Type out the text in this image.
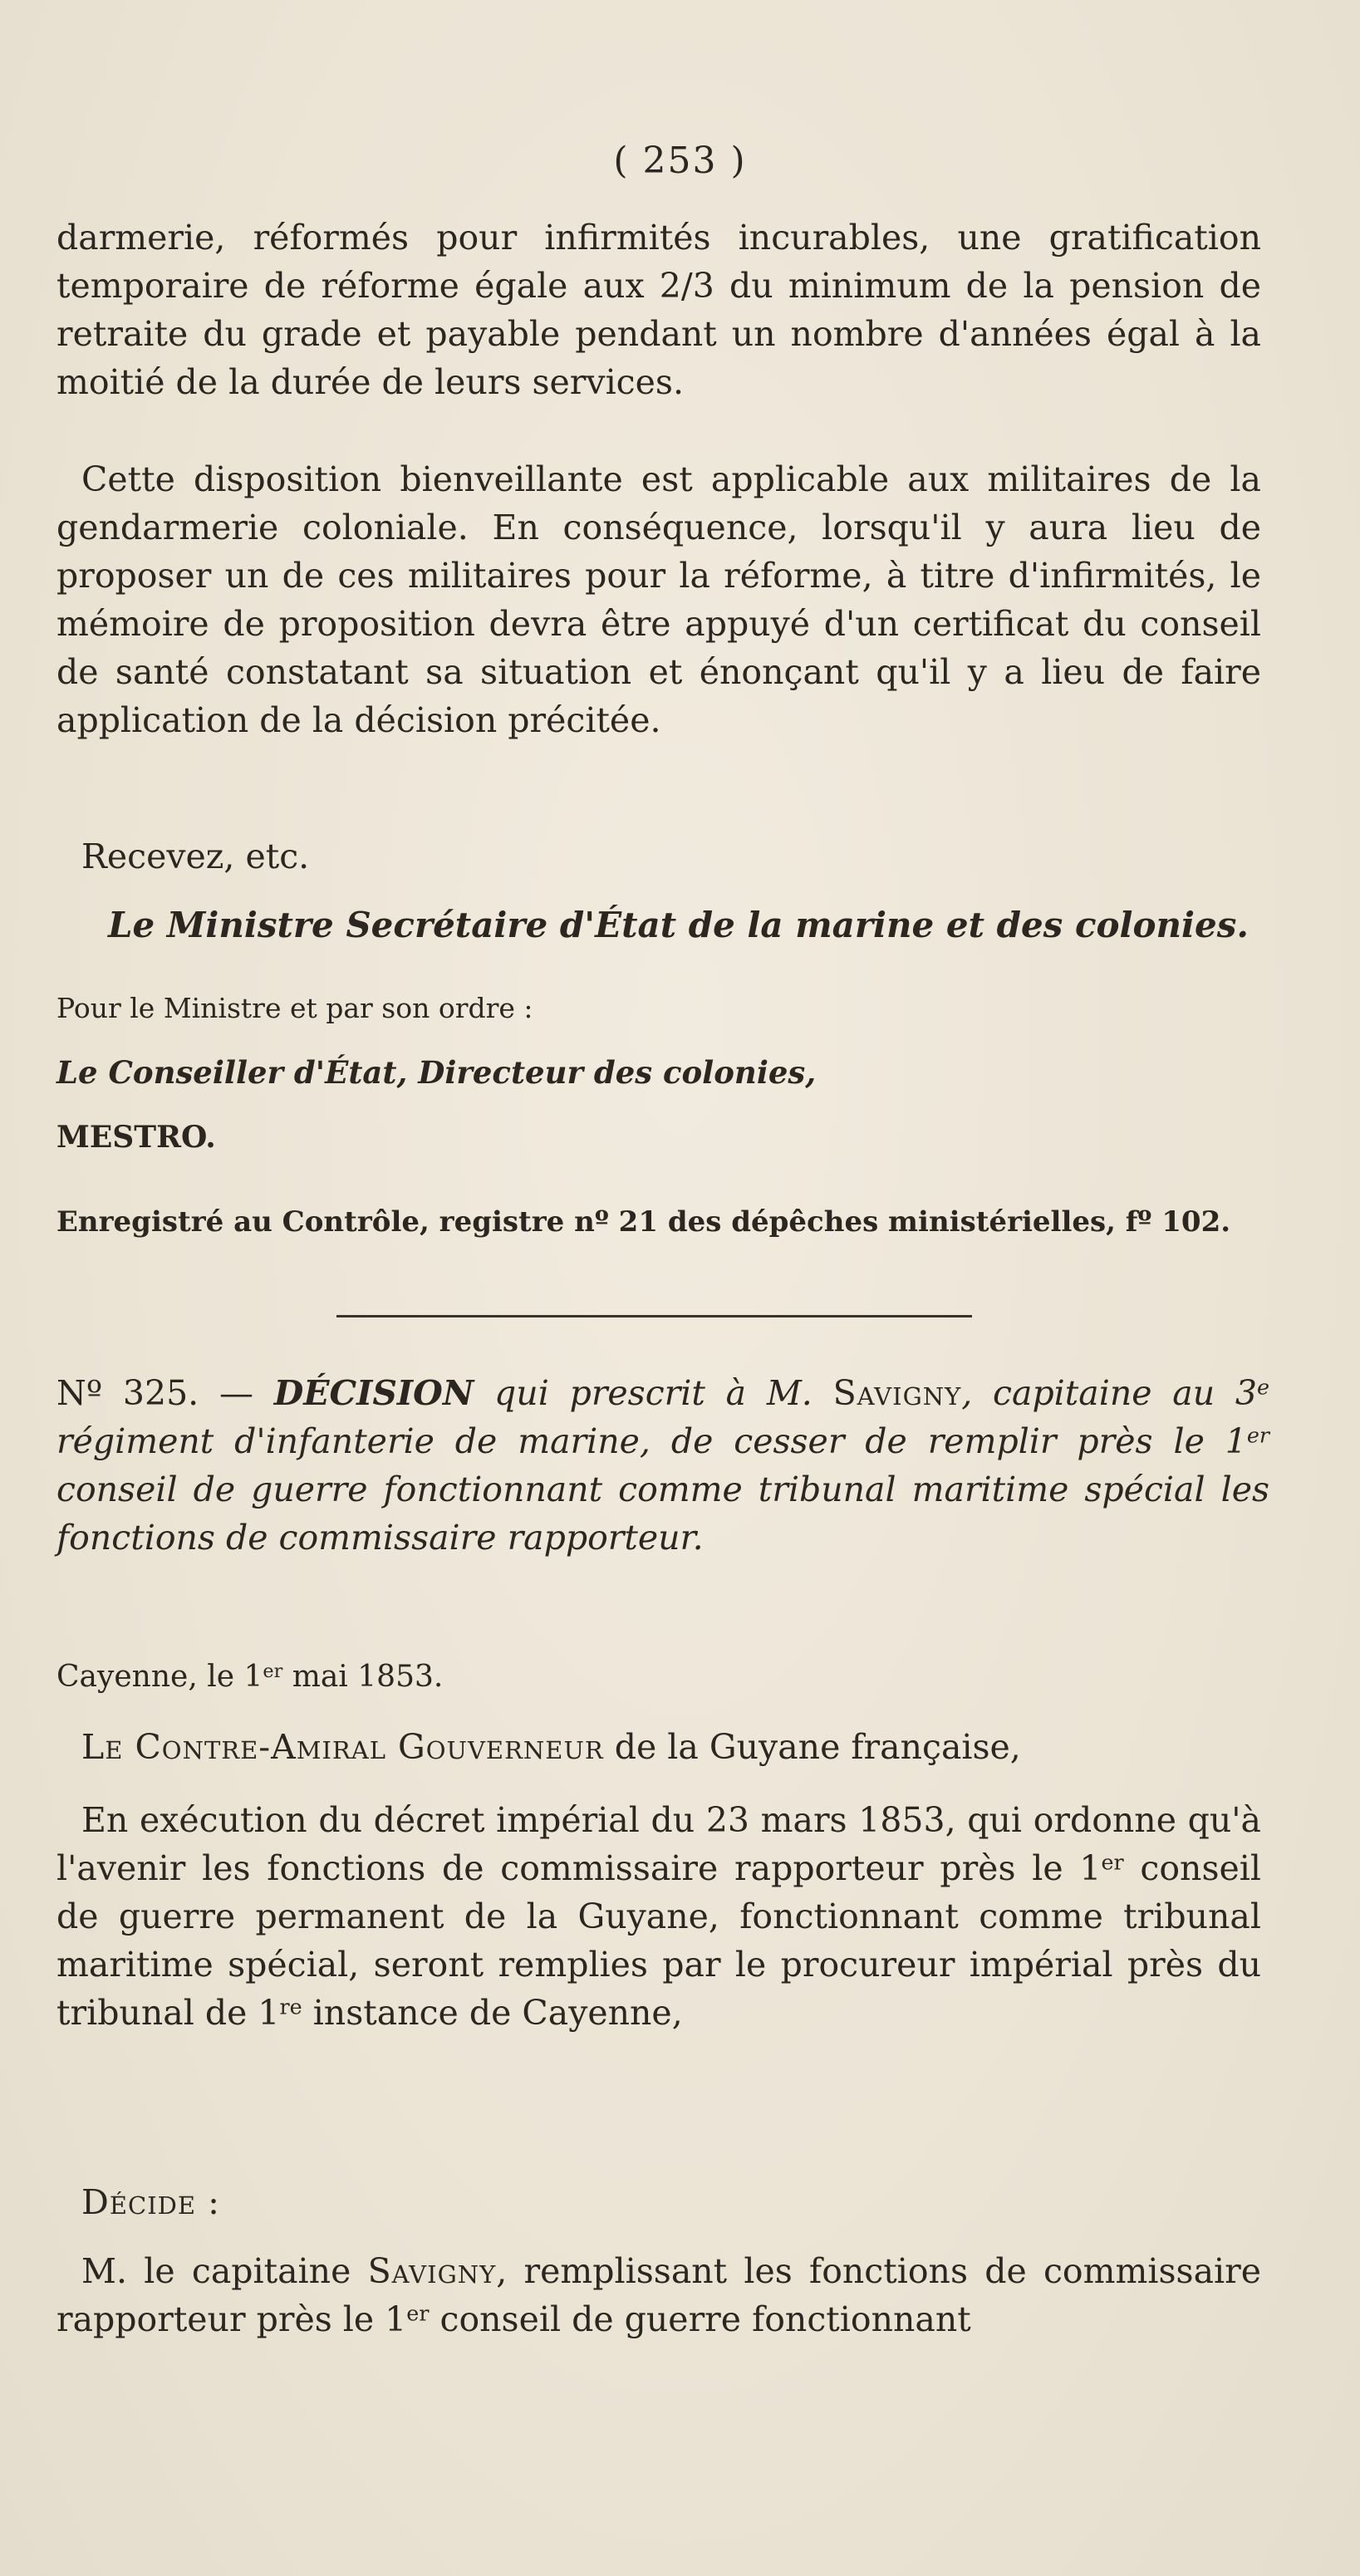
( 253 )
darmerie, réformés pour infirmités incurables, une gratification temporaire de réforme égale aux 2/3 du minimum de la pension de retraite du grade et payable pendant un nombre d'années égal à la moitié de la durée de leurs services.
Cette disposition bienveillante est applicable aux militaires de la gendarmerie coloniale. En conséquence, lorsqu'il y aura lieu de proposer un de ces militaires pour la réforme, à titre d'infirmités, le mémoire de proposition devra être appuyé d'un certificat du conseil de santé constatant sa situation et énonçant qu'il y a lieu de faire application de la décision précitée.
Recevez, etc.
Le Ministre Secrétaire d'État de la marine et des colonies.
Pour le Ministre et par son ordre :
Le Conseiller d'État, Directeur des colonies,
MESTRO.
Enregistré au Contrôle, registre nº 21 des dépêches ministérielles, fº 102.
Nº 325. — DÉCISION qui prescrit à M. Savigny, capitaine au 3e régiment d'infanterie de marine, de cesser de remplir près le 1er conseil de guerre fonctionnant comme tribunal maritime spécial les fonctions de commissaire rapporteur.
Cayenne, le 1er mai 1853.
Le Contre-Amiral Gouverneur de la Guyane française,
En exécution du décret impérial du 23 mars 1853, qui ordonne qu'à l'avenir les fonctions de commissaire rapporteur près le 1er conseil de guerre permanent de la Guyane, fonctionnant comme tribunal maritime spécial, seront remplies par le procureur impérial près du tribunal de 1re instance de Cayenne,
Décide :
M. le capitaine Savigny, remplissant les fonctions de commissaire rapporteur près le 1er conseil de guerre fonctionnant
